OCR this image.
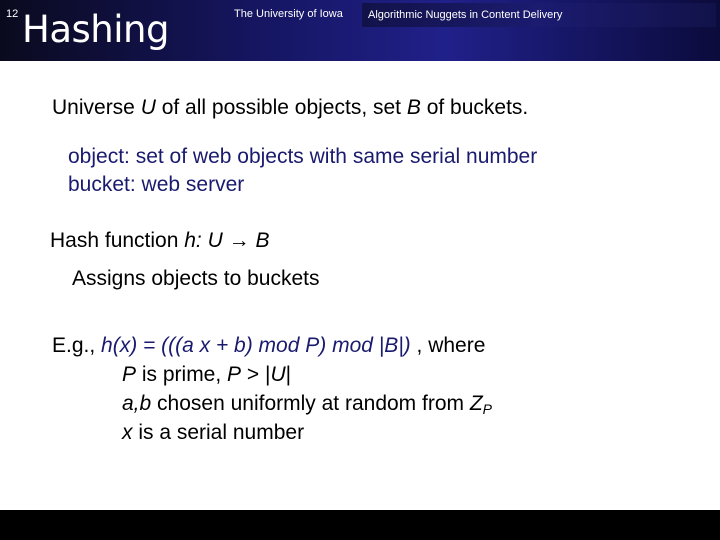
Hashing
Universe U of all possible objects, set B of buckets.
object: set of web objects with same serial number
bucket: web server
Hash function h: U → B
Assigns objects to buckets
E.g., h(x) = (((a x + b) mod P) mod |B|) , where
P is prime, P > |U|
a,b chosen uniformly at random from $Z_P$
x is a serial number
12	The University of Iowa Algorithmic Nuggets in Content Delivery
